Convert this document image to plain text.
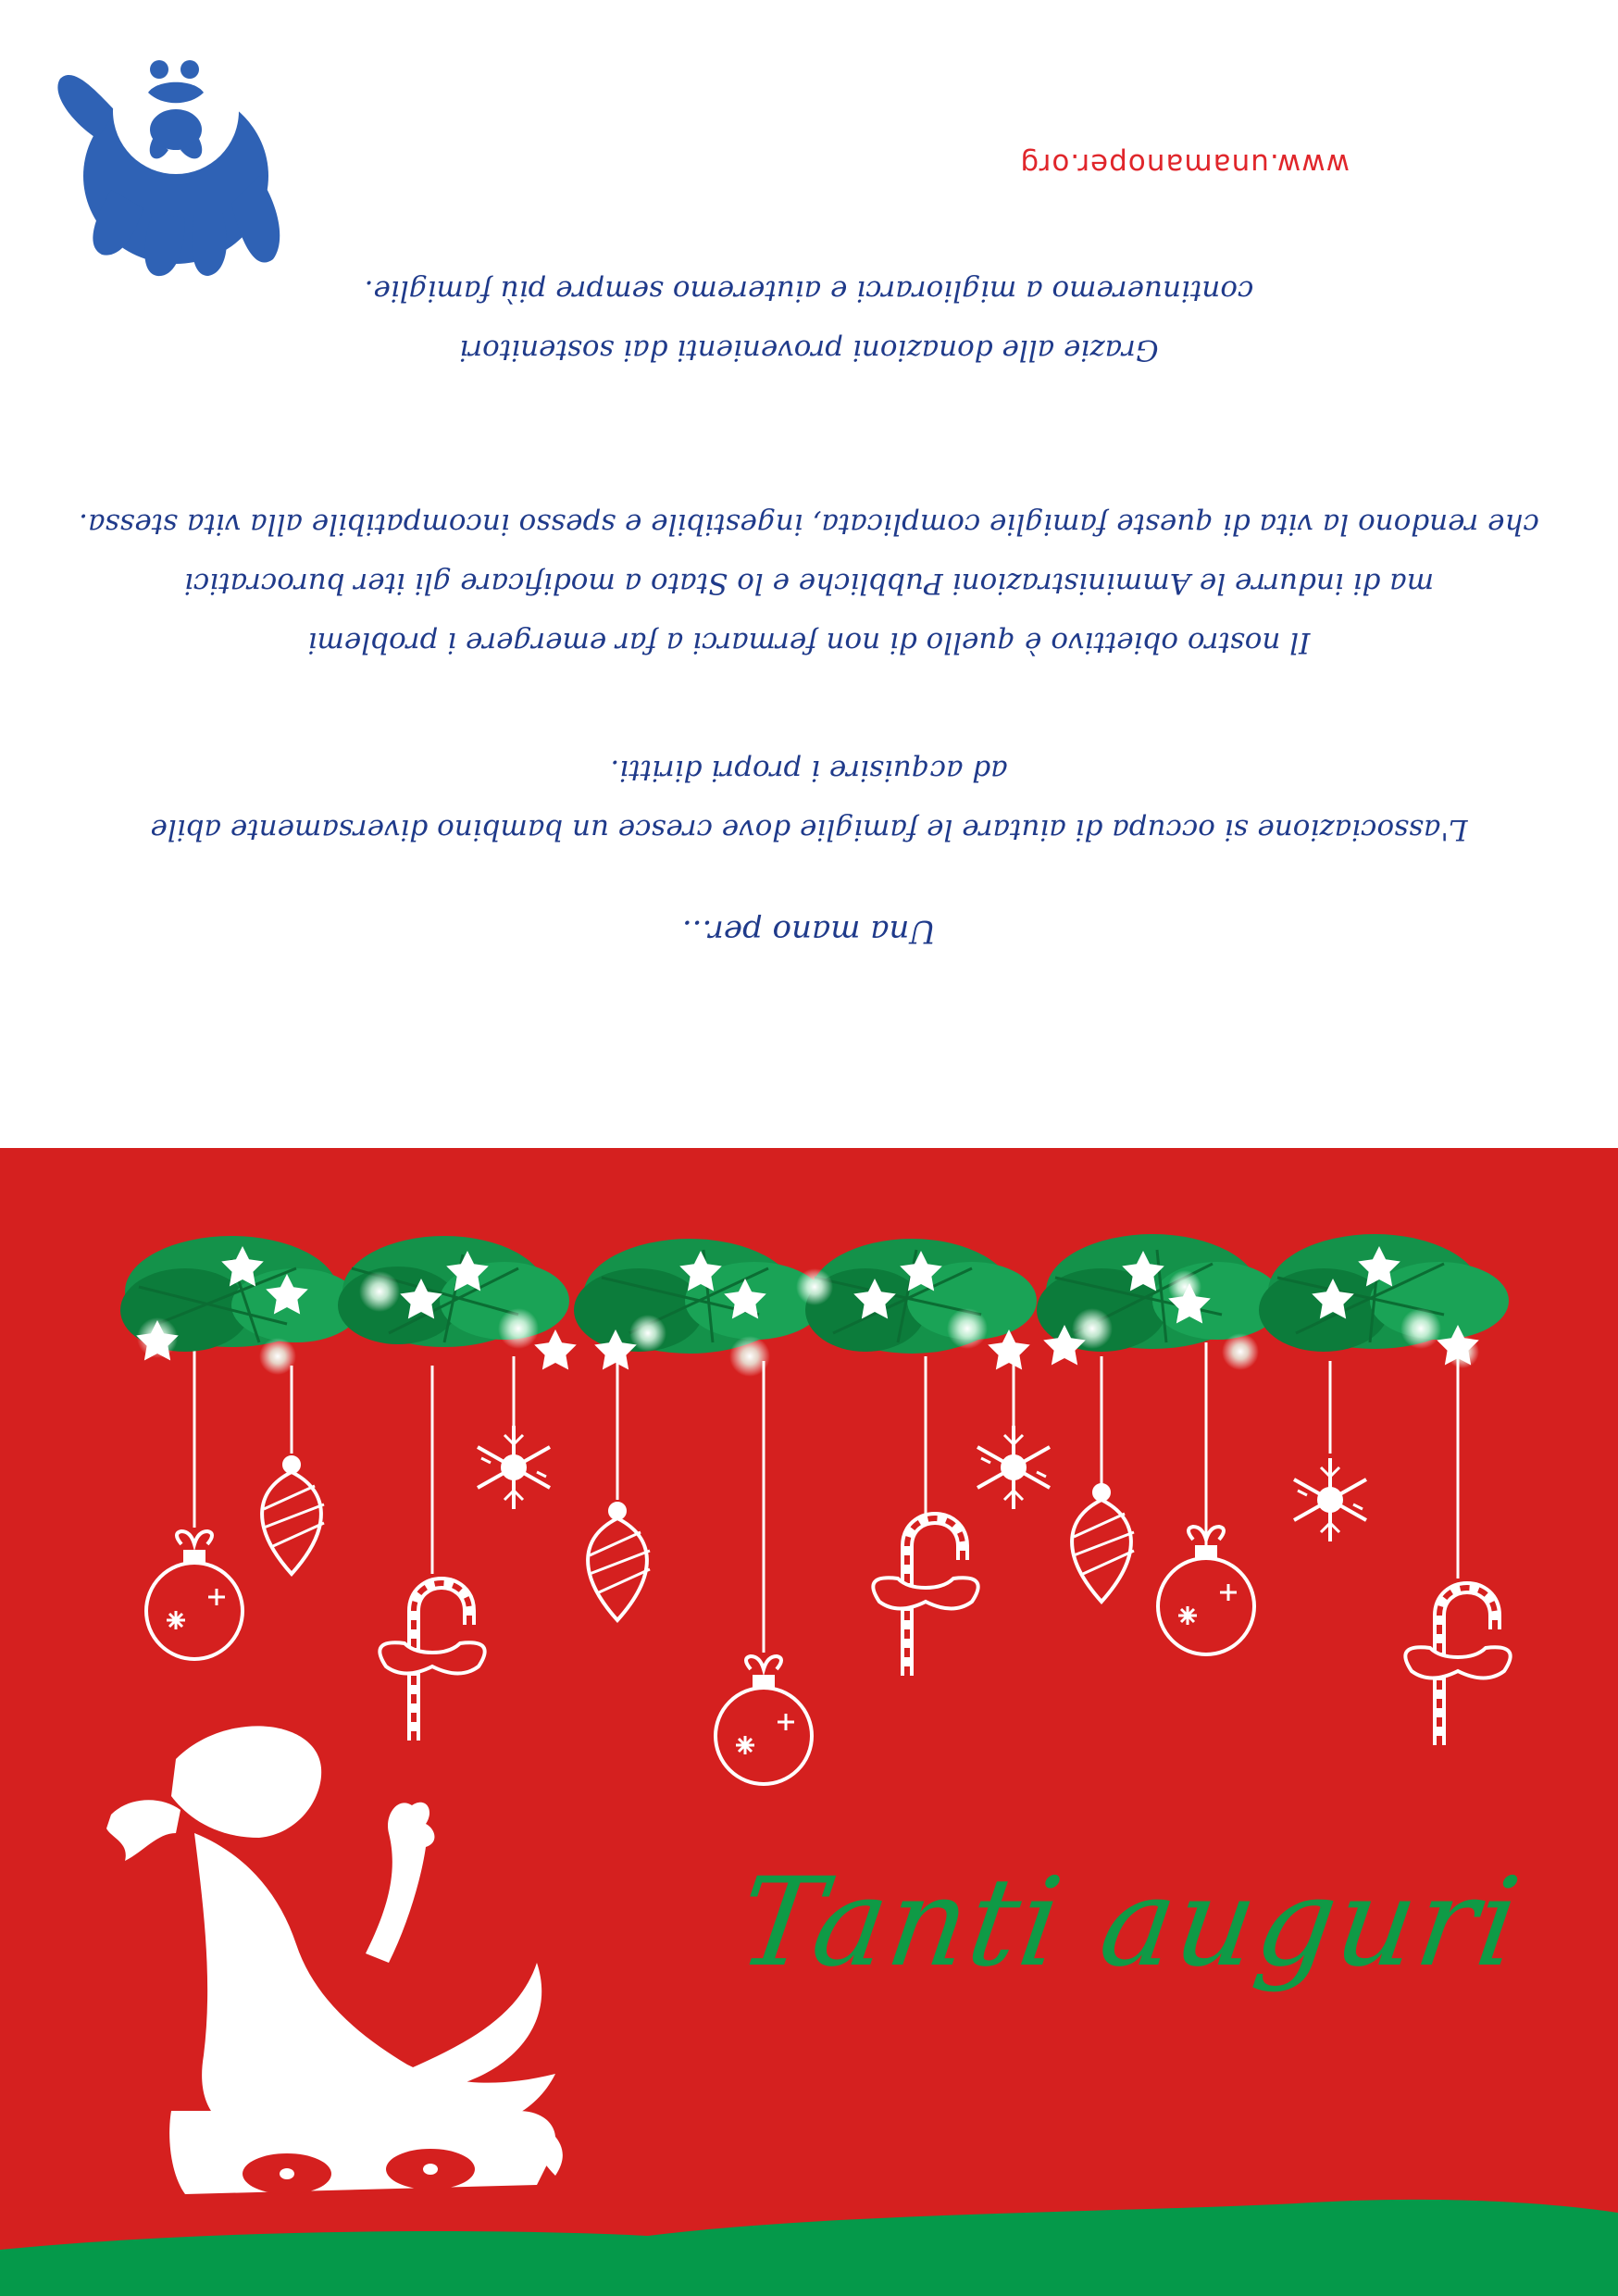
Una mano per...
L'associazione si occupa di aiutare le famiglie dove cresce un bambino diversamente abile
ad acquisire i propri diritti.
Il nostro obiettivo è quello di non fermarci a far emergere i problemi
ma di indurre le Amministrazioni Pubbliche e lo Stato a modificare gli iter burocratici
che rendono la vita di queste famiglie complicata, ingestibile e spesso incompatibile alla vita stessa.
Grazie alle donazioni provenienti dai sostenitori
continueremo a migliorarci e aiuteremo sempre più famiglie.
www.unamanoper.org
Tanti auguri
